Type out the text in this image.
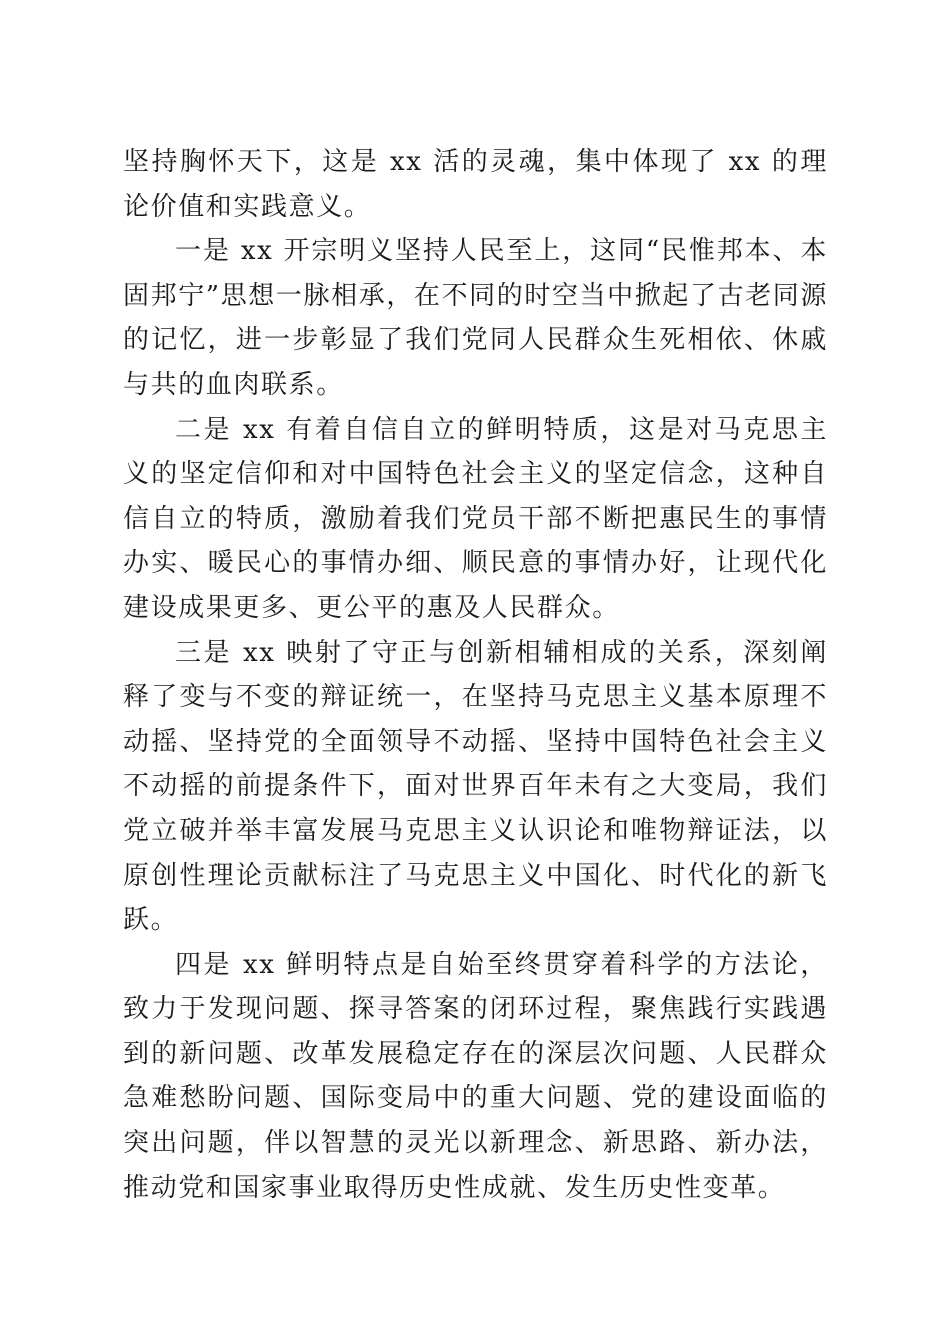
坚持胸怀天下，这是 xx 活的灵魂，集中体现了 xx 的理论价值和实践意义。

一是 xx 开宗明义坚持人民至上，这同“民惟邦本、本固邦宁”思想一脉相承，在不同的时空当中掀起了古老同源的记忆，进一步彰显了我们党同人民群众生死相依、休戚与共的血肉联系。

二是 xx 有着自信自立的鲜明特质，这是对马克思主义的坚定信仰和对中国特色社会主义的坚定信念，这种自信自立的特质，激励着我们党员干部不断把惠民生的事情办实、暖民心的事情办细、顺民意的事情办好，让现代化建设成果更多、更公平的惠及人民群众。

三是 xx 映射了守正与创新相辅相成的关系，深刻阐释了变与不变的辩证统一，在坚持马克思主义基本原理不动摇、坚持党的全面领导不动摇、坚持中国特色社会主义不动摇的前提条件下，面对世界百年未有之大变局，我们党立破并举丰富发展马克思主义认识论和唯物辩证法，以原创性理论贡献标注了马克思主义中国化、时代化的新飞跃。

四是 xx 鲜明特点是自始至终贯穿着科学的方法论，致力于发现问题、探寻答案的闭环过程，聚焦践行实践遇到的新问题、改革发展稳定存在的深层次问题、人民群众急难愁盼问题、国际变局中的重大问题、党的建设面临的突出问题，伴以智慧的灵光以新理念、新思路、新办法，推动党和国家事业取得历史性成就、发生历史性变革。
